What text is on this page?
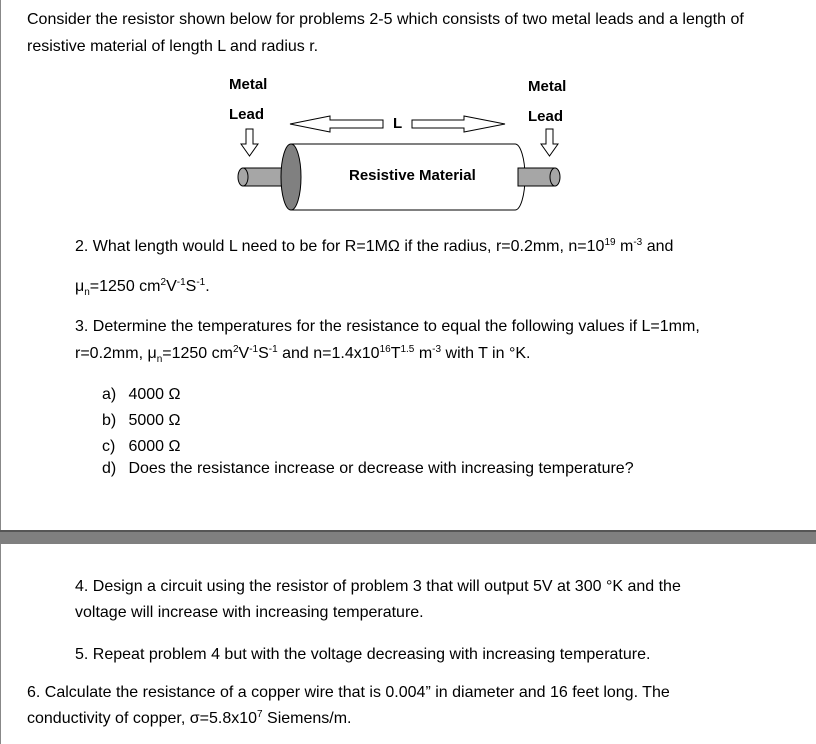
Consider the resistor shown below for problems 2-5 which consists of two metal leads and a length of resistive material of length L and radius r.
Metal
Lead
Metal
Lead
L
Resistive Material
2. What length would L need to be for R=1MΩ if the radius, r=0.2mm, $n=10^{19}$ $m^{-3}$ and
$\mu_n=1250$ $cm^2V^{-1}S^{-1}$.
3. Determine the temperatures for the resistance to equal the following values if L=1mm,
r=0.2mm, $\mu_n=1250$ $cm^2V^{-1}S^{-1}$ and $n=1.4x10^{16}T^{1.5}$ $m^{-3}$ with T in °K.
a) 4000 Ω
b) 5000 Ω
c) 6000 Ω
d) Does the resistance increase or decrease with increasing temperature?
4. Design a circuit using the resistor of problem 3 that will output 5V at 300 °K and the
voltage will increase with increasing temperature.
5. Repeat problem 4 but with the voltage decreasing with increasing temperature.
6. Calculate the resistance of a copper wire that is 0.004” in diameter and 16 feet long. The
conductivity of copper, $\sigma=5.8x10^7$ Siemens/m.
